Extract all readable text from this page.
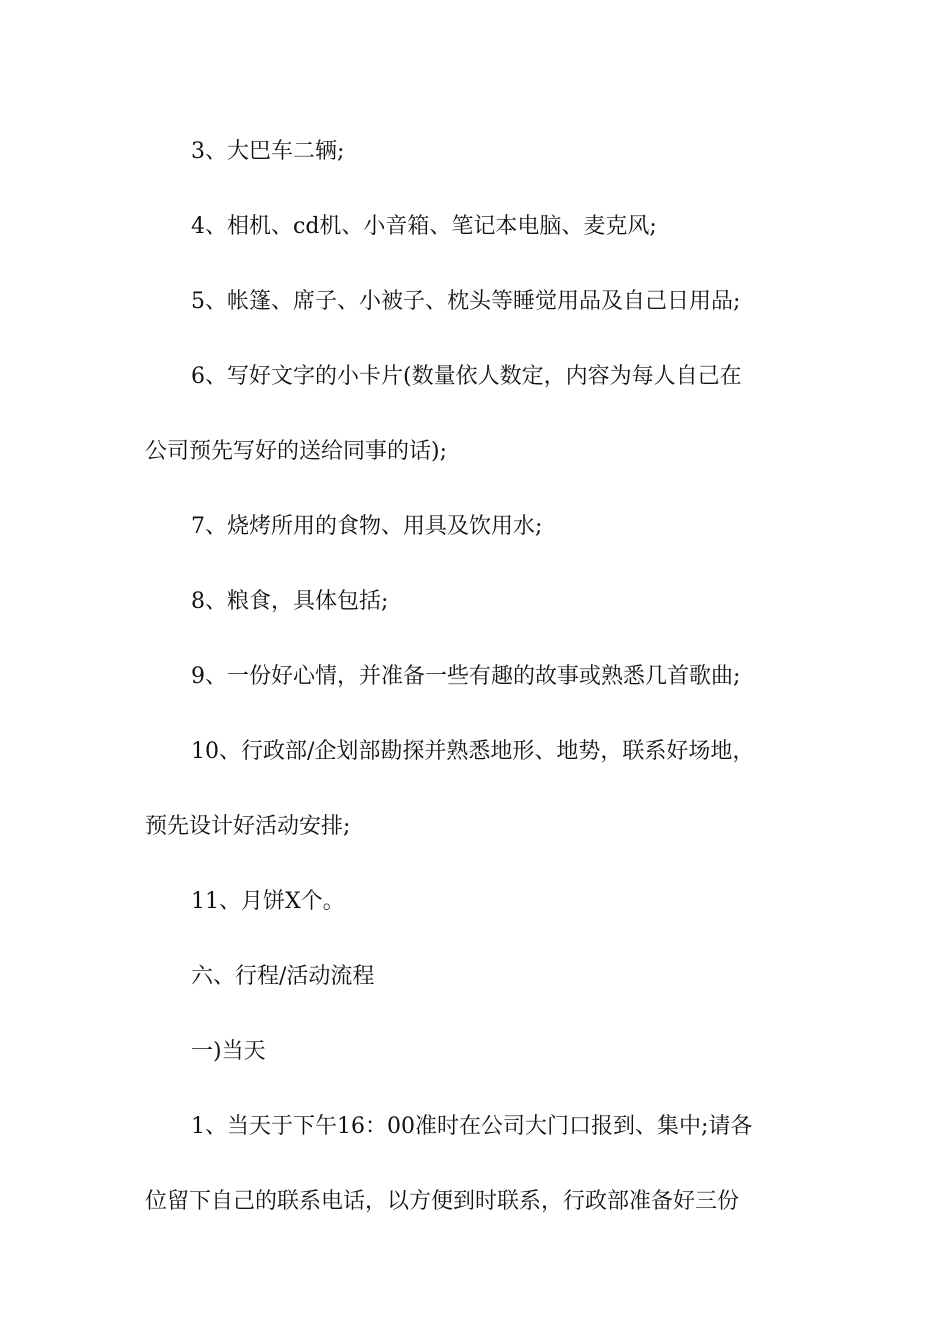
3、大巴车二辆;
4、相机、cd机、小音箱、笔记本电脑、麦克风;
5、帐篷、席子、小被子、枕头等睡觉用品及自己日用品;
6、写好文字的小卡片(数量依人数定，内容为每人自己在
公司预先写好的送给同事的话);
7、烧烤所用的食物、用具及饮用水;
8、粮食，具体包括;
9、一份好心情，并准备一些有趣的故事或熟悉几首歌曲;
10、行政部/企划部勘探并熟悉地形、地势，联系好场地，
预先设计好活动安排;
11、月饼X个。
六、行程/活动流程
一)当天
1、当天于下午16：00准时在公司大门口报到、集中;请各
位留下自己的联系电话，以方便到时联系，行政部准备好三份
